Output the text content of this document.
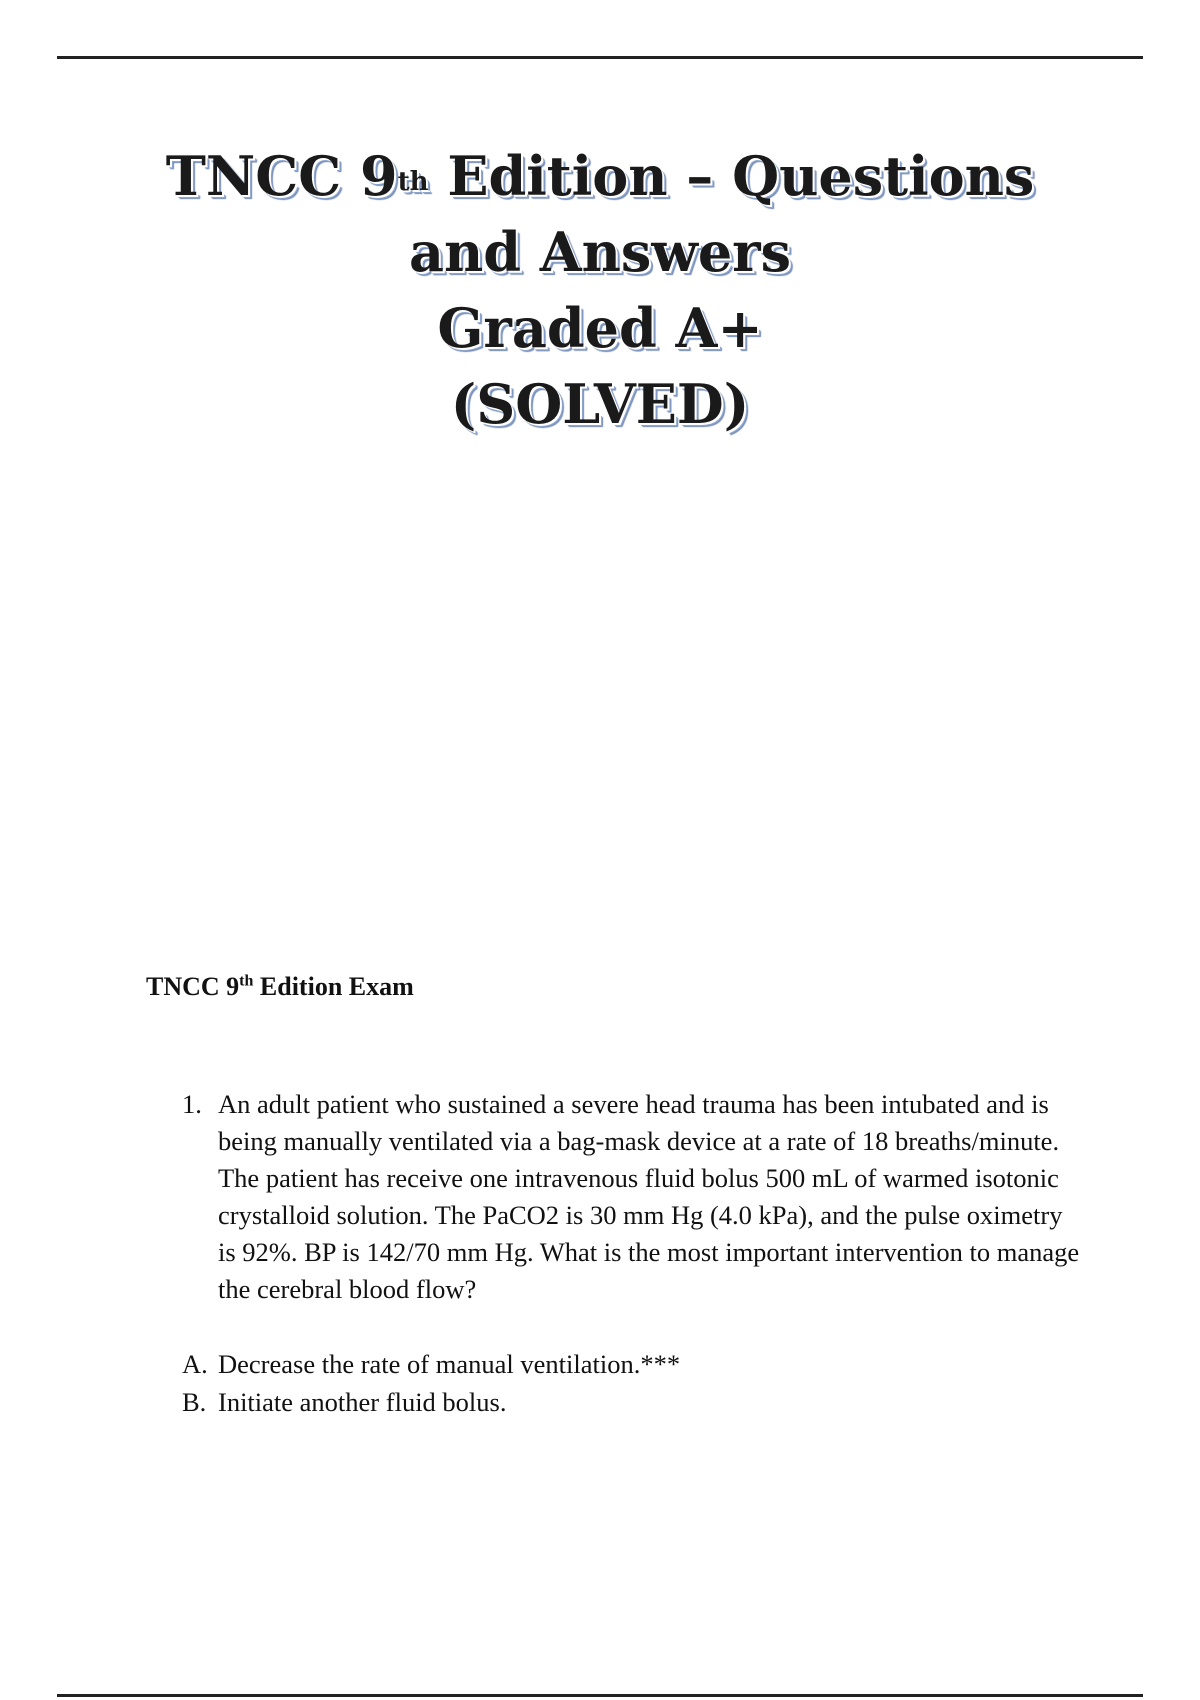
TNCC 9th Edition – Questions
and Answers
Graded A+
(SOLVED)
TNCC 9th Edition Exam
1. An adult patient who sustained a severe head trauma has been intubated and is being manually ventilated via a bag-mask device at a rate of 18 breaths/minute. The patient has receive one intravenous fluid bolus 500 mL of warmed isotonic crystalloid solution. The PaCO2 is 30 mm Hg (4.0 kPa), and the pulse oximetry is 92%. BP is 142/70 mm Hg. What is the most important intervention to manage the cerebral blood flow?
A. Decrease the rate of manual ventilation.***
B. Initiate another fluid bolus.
